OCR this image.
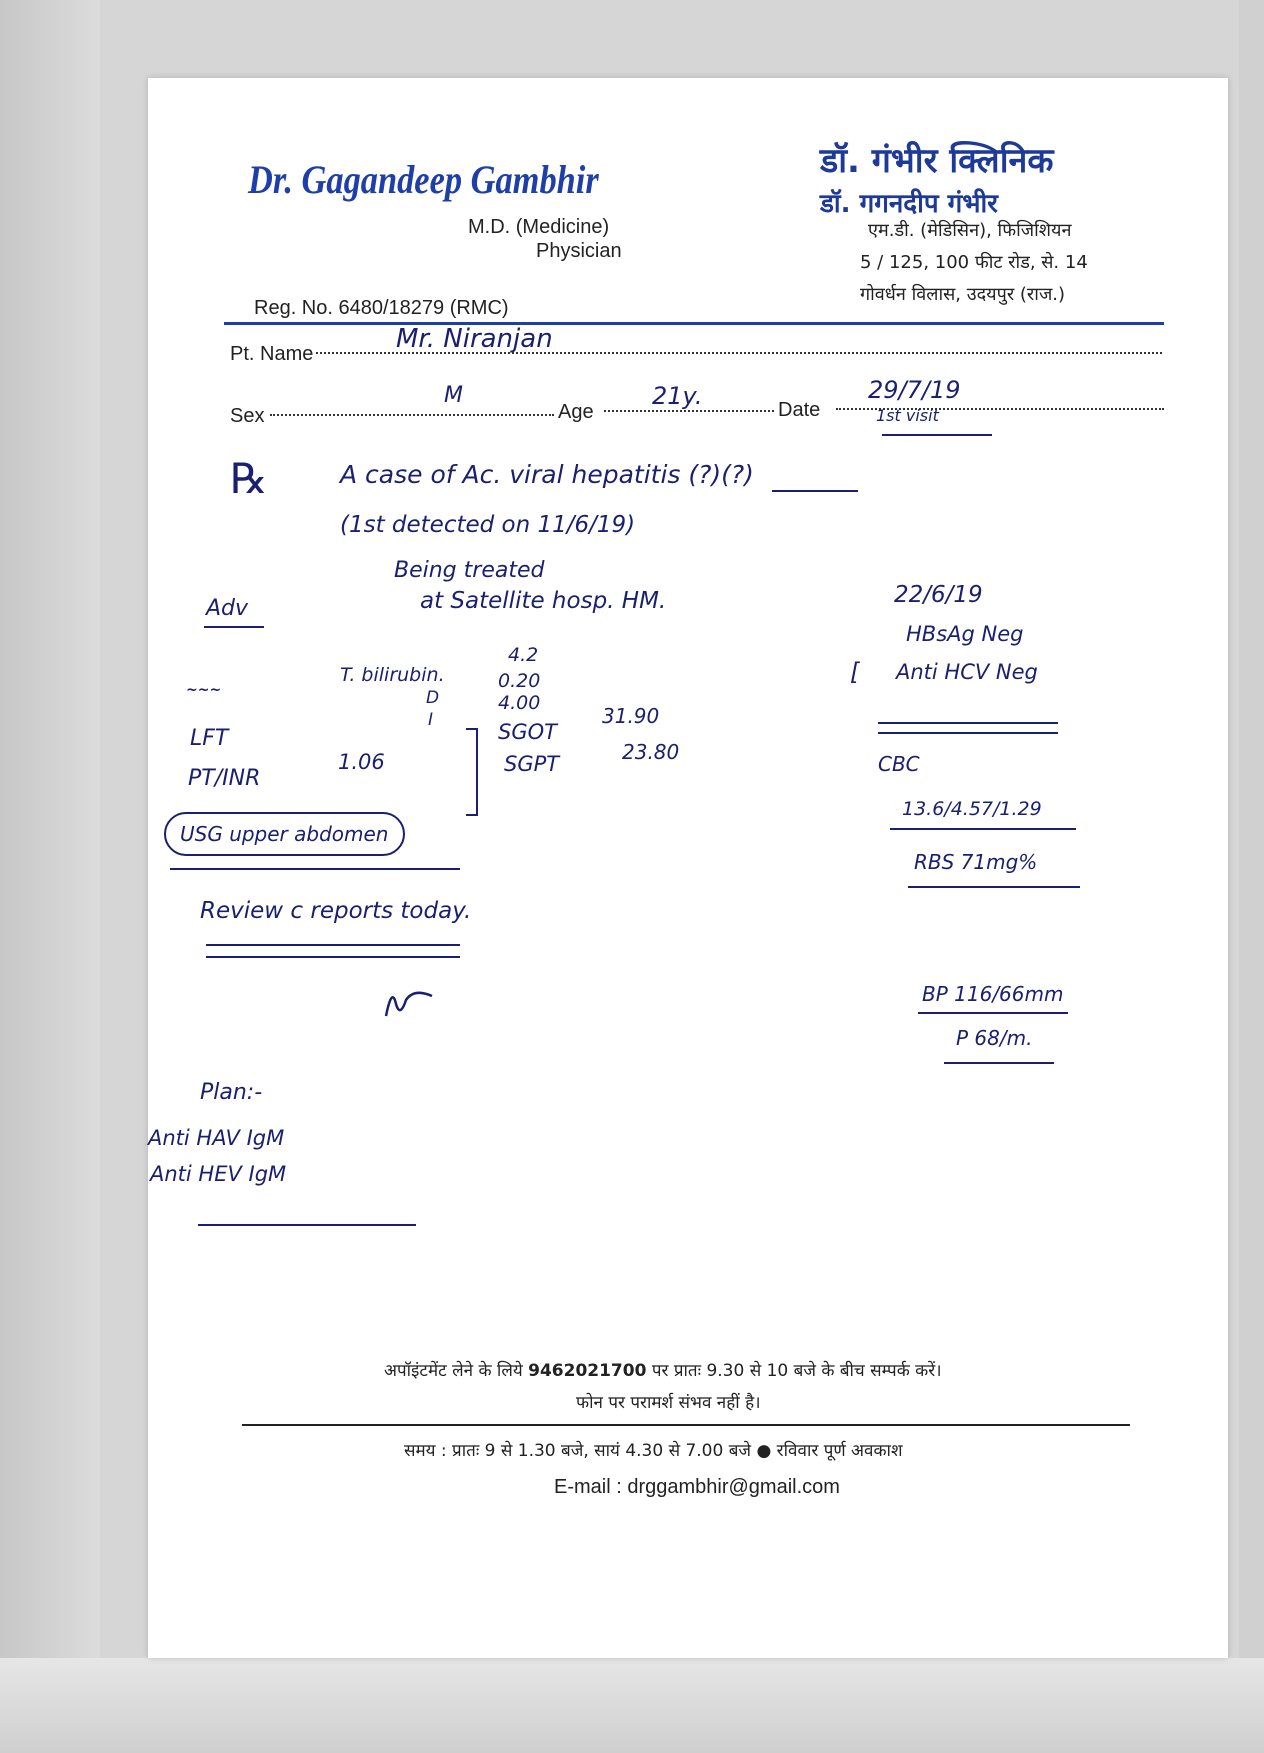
Dr. Gagandeep Gambhir
M.D. (Medicine)
Physician
Reg. No. 6480/18279 (RMC)
डॉ. गंभीर क्लिनिक
डॉ. गगनदीप गंभीर
एम.डी. (मेडिसिन), फिजिशियन
5 / 125, 100 फीट रोड, से. 14
गोवर्धन विलास, उदयपुर (राज.)
Pt. Name	Mr. Niranjan
Sex
M
Age
21y.	Date
29/7/19
1st visit
℞	A case of Ac. viral hepatitis (?)(?)
(1st detected on 11/6/19)
Being treated
at Satellite hosp. HM.
Adv
T. bilirubin.
4.2
D
0.20
I
4.00
~~~
LFT	SGOT
31.90
SGPT	23.80
PT/INR
1.06
USG upper abdomen
Review c reports today.
Plan:-
Anti HAV IgM
Anti HEV IgM
22/6/19
HBsAg Neg
[ Anti HCV Neg
CBC
13.6/4.57/1.29
RBS 71mg%
BP 116/66mm
P 68/m.
अपॉइंटमेंट लेने के लिये 9462021700 पर प्रातः 9.30 से 10 बजे के बीच सम्पर्क करें।
फोन पर परामर्श संभव नहीं है।
समय : प्रातः 9 से 1.30 बजे, सायं 4.30 से 7.00 बजे ● रविवार पूर्ण अवकाश
E-mail : drggambhir@gmail.com
